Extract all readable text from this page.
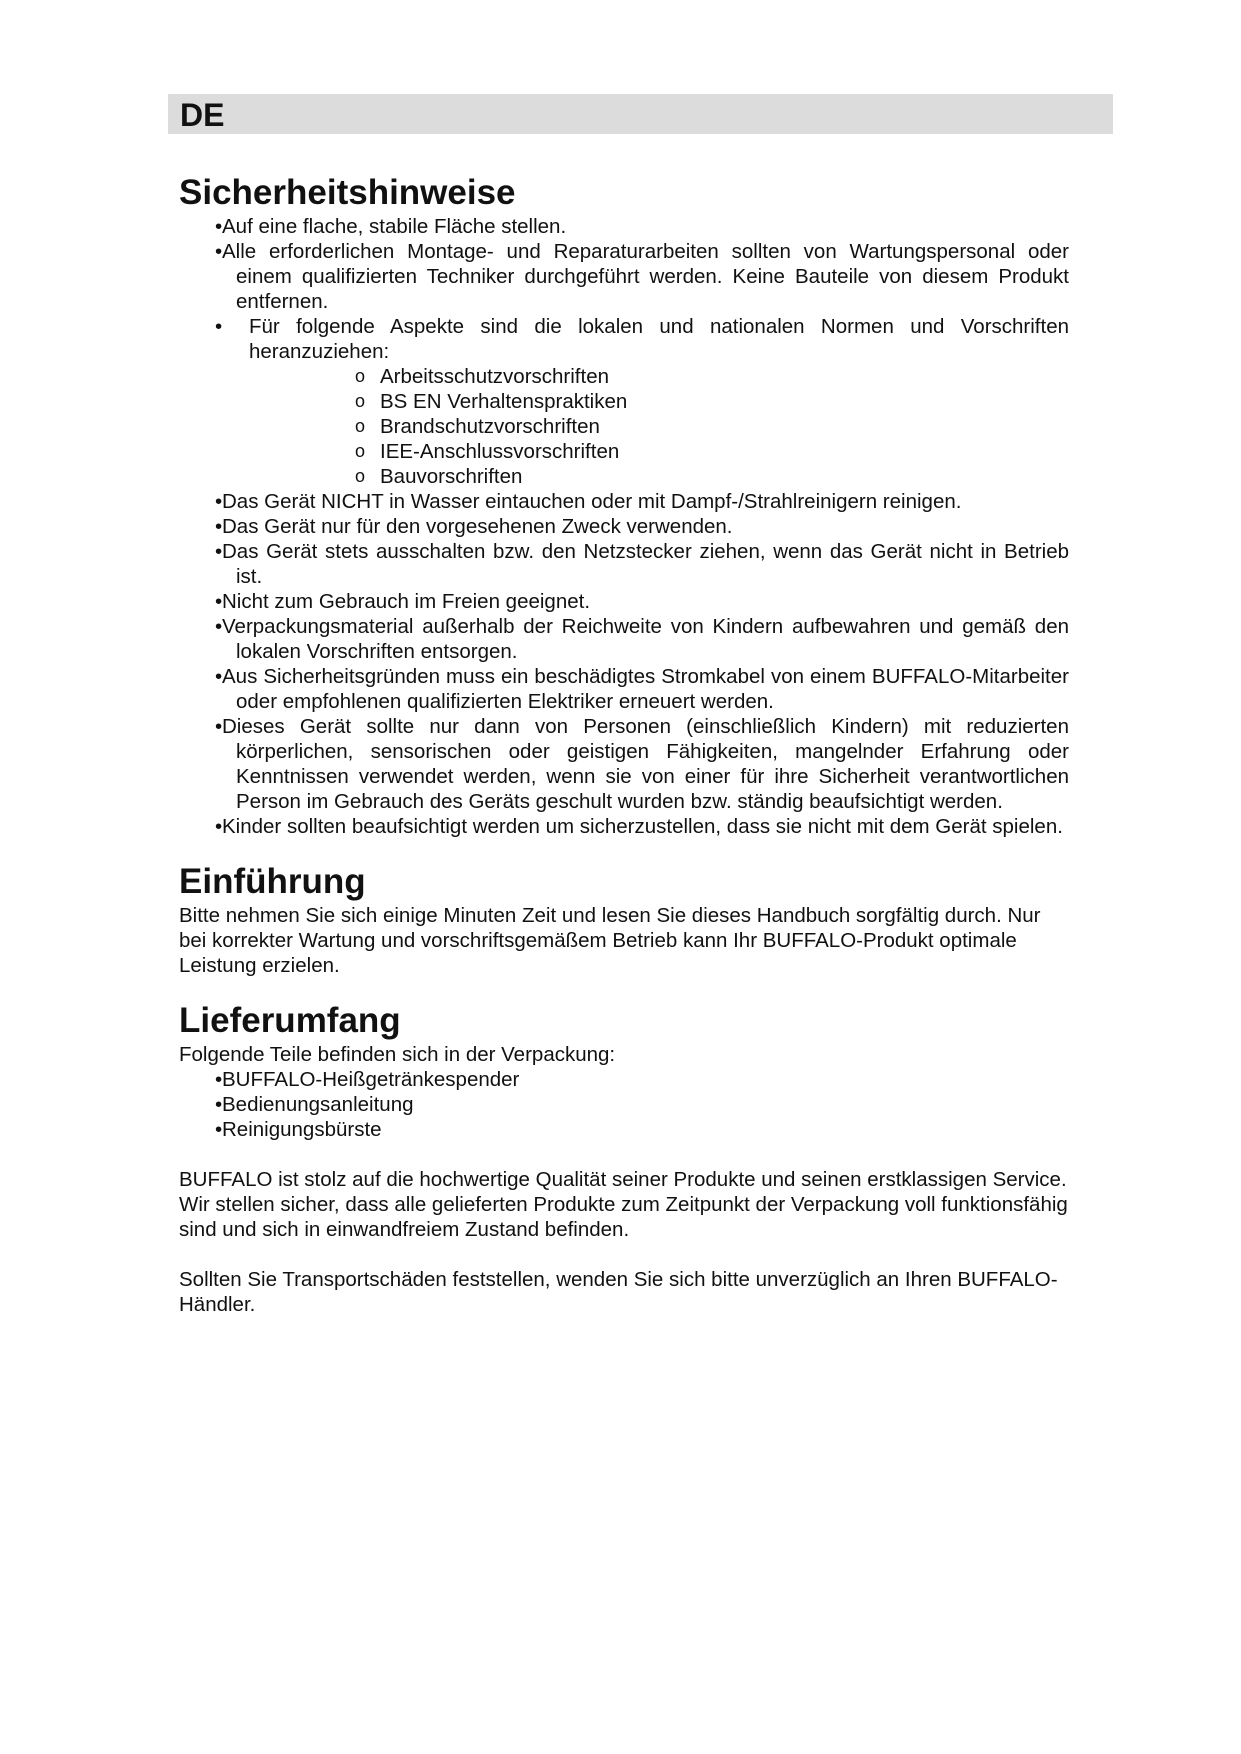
DE
Sicherheitshinweise
• Auf eine flache, stabile Fläche stellen.
• Alle erforderlichen Montage- und Reparaturarbeiten sollten von Wartungspersonal oder einem qualifizierten Techniker durchgeführt werden. Keine Bauteile von diesem Produkt entfernen.
• Für folgende Aspekte sind die lokalen und nationalen Normen und Vorschriften heranzuziehen:
o Arbeitsschutzvorschriften
o BS EN Verhaltenspraktiken
o Brandschutzvorschriften
o IEE-Anschlussvorschriften
o Bauvorschriften
• Das Gerät NICHT in Wasser eintauchen oder mit Dampf-/Strahlreinigern reinigen.
• Das Gerät nur für den vorgesehenen Zweck verwenden.
• Das Gerät stets ausschalten bzw. den Netzstecker ziehen, wenn das Gerät nicht in Betrieb ist.
• Nicht zum Gebrauch im Freien geeignet.
• Verpackungsmaterial außerhalb der Reichweite von Kindern aufbewahren und gemäß den lokalen Vorschriften entsorgen.
• Aus Sicherheitsgründen muss ein beschädigtes Stromkabel von einem BUFFALO-Mitarbeiter oder empfohlenen qualifizierten Elektriker erneuert werden.
• Dieses Gerät sollte nur dann von Personen (einschließlich Kindern) mit reduzierten körperlichen, sensorischen oder geistigen Fähigkeiten, mangelnder Erfahrung oder Kenntnissen verwendet werden, wenn sie von einer für ihre Sicherheit verantwortlichen Person im Gebrauch des Geräts geschult wurden bzw. ständig beaufsichtigt werden.
• Kinder sollten beaufsichtigt werden um sicherzustellen, dass sie nicht mit dem Gerät spielen.
Einführung

Bitte nehmen Sie sich einige Minuten Zeit und lesen Sie dieses Handbuch sorgfältig durch. Nur bei korrekter Wartung und vorschriftsgemäßem Betrieb kann Ihr BUFFALO-Produkt optimale Leistung erzielen.

Lieferumfang

Folgende Teile befinden sich in der Verpackung:

• BUFFALO-Heißgetränkespender
• Bedienungsanleitung
• Reinigungsbürste

BUFFALO ist stolz auf die hochwertige Qualität seiner Produkte und seinen erstklassigen Service. Wir stellen sicher, dass alle gelieferten Produkte zum Zeitpunkt der Verpackung voll funktionsfähig sind und sich in einwandfreiem Zustand befinden.

Sollten Sie Transportschäden feststellen, wenden Sie sich bitte unverzüglich an Ihren BUFFALO-Händler.
